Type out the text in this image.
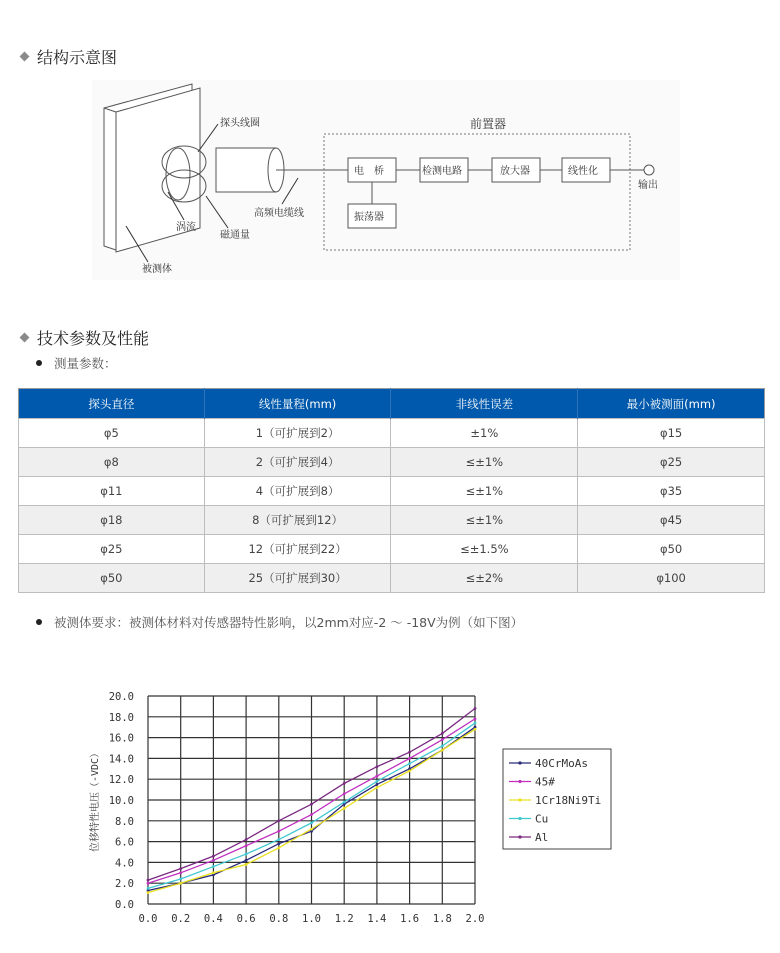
结构示意图
探头线圈
涡流
磁通量
高频电缆线
被测体
前置器
电　桥	检测电路	放大器	线性化
输出
振荡器
技术参数及性能
测量参数：
探头直径	线性量程(mm)	非线性误差	最小被测面(mm)
φ5	1（可扩展到2）	±1%	φ15
φ8	2（可扩展到4）	≤±1%	φ25
φ11	4（可扩展到8）	≤±1%	φ35
φ18	8（可扩展到12）	≤±1%	φ45
φ25	12（可扩展到22）	≤±1.5%	φ50
φ50	25（可扩展到30）	≤±2%	φ100
被测体要求：被测体材料对传感器特性影响，以2mm对应-2 ～ -18V为例（如下图）
0.0 0.2 0.4 0.6 0.8 1.0 1.2 1.4 1.6 1.8 2.0
0.0
2.0
4.0
6.0
8.0
10.0
12.0
14.0
16.0
18.0
20.0
位移特性电压（-VDC）	40CrMoAs
45#
1Cr18Ni9Ti
Cu
Al
